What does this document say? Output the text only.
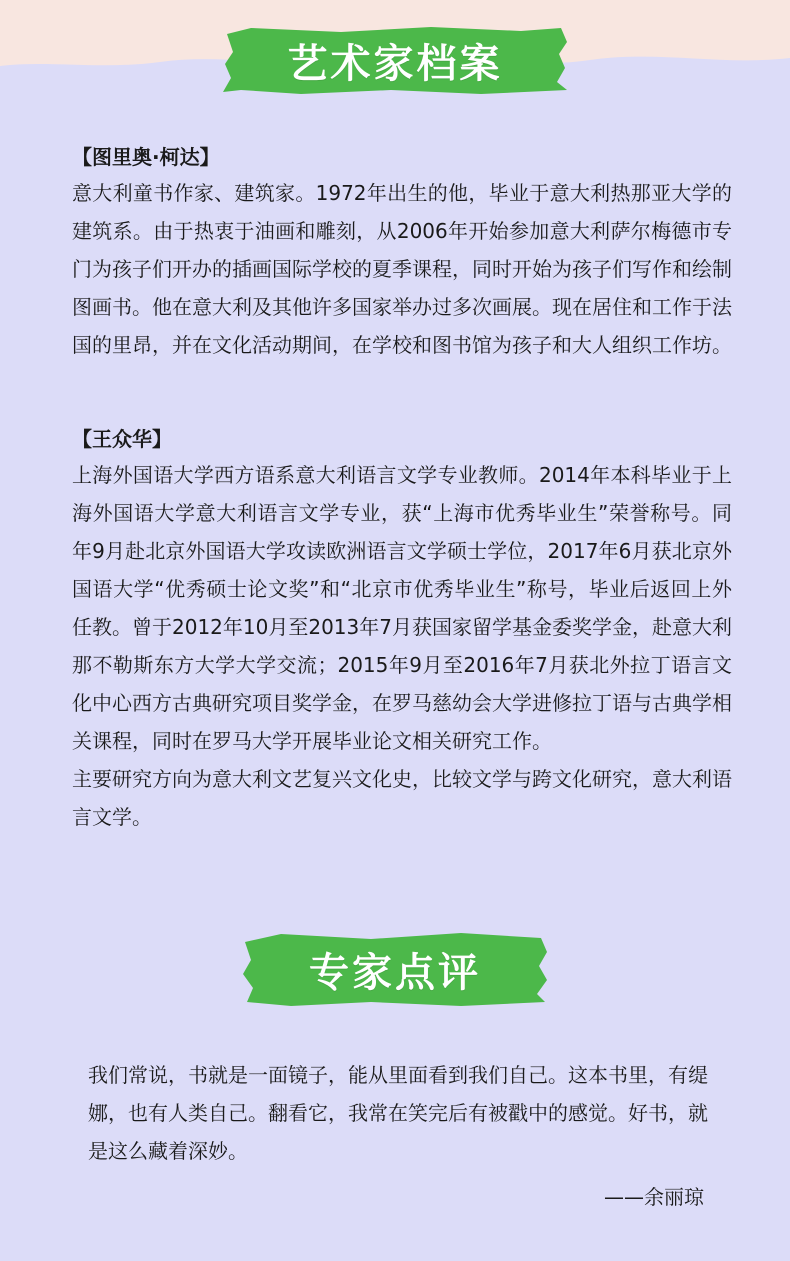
艺术家档案

【图里奥·柯达】

意大利童书作家、建筑家。1972年出生的他，毕业于意大利热那亚大学的建筑系。由于热衷于油画和雕刻，从2006年开始参加意大利萨尔梅德市专门为孩子们开办的插画国际学校的夏季课程，同时开始为孩子们写作和绘制图画书。他在意大利及其他许多国家举办过多次画展。现在居住和工作于法国的里昂，并在文化活动期间，在学校和图书馆为孩子和大人组织工作坊。

【王众华】

上海外国语大学西方语系意大利语言文学专业教师。2014年本科毕业于上海外国语大学意大利语言文学专业，获“上海市优秀毕业生”荣誉称号。同年9月赴北京外国语大学攻读欧洲语言文学硕士学位，2017年6月获北京外国语大学“优秀硕士论文奖”和“北京市优秀毕业生”称号，毕业后返回上外任教。曾于2012年10月至2013年7月获国家留学基金委奖学金，赴意大利那不勒斯东方大学大学交流；2015年9月至2016年7月获北外拉丁语言文化中心西方古典研究项目奖学金，在罗马慈幼会大学进修拉丁语与古典学相关课程，同时在罗马大学开展毕业论文相关研究工作。

主要研究方向为意大利文艺复兴文化史，比较文学与跨文化研究，意大利语言文学。

专家点评

我们常说，书就是一面镜子，能从里面看到我们自己。这本书里，有缇娜，也有人类自己。翻看它，我常在笑完后有被戳中的感觉。好书，就是这么藏着深妙。

——余丽琼
